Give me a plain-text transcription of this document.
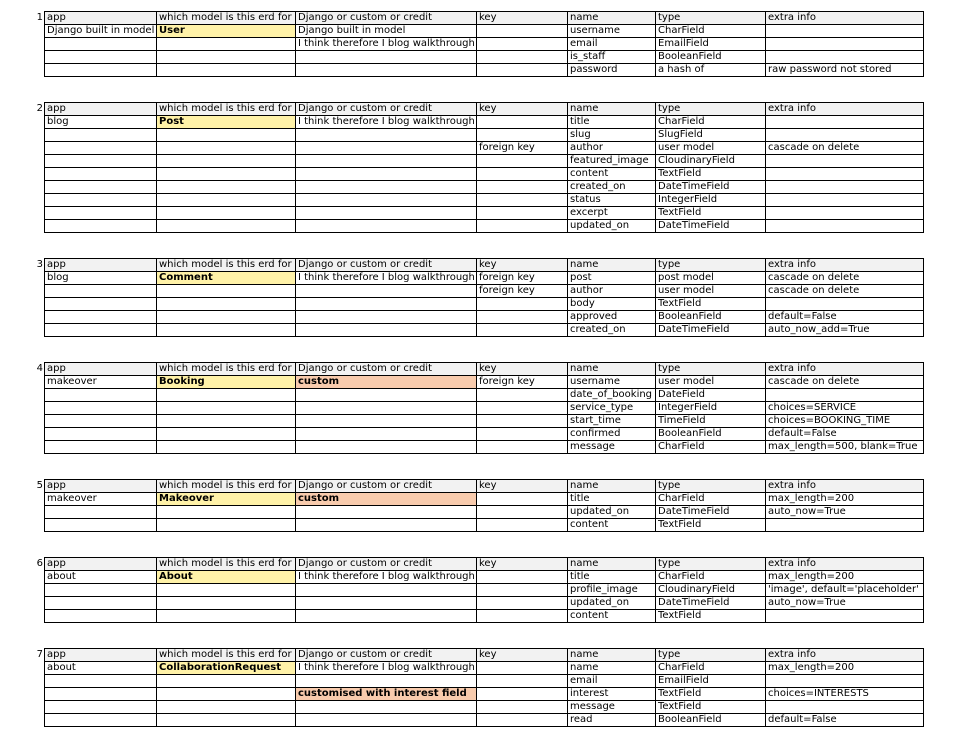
1 app	which model is this erd for	Django or custom or credit	key	name	type	extra info
Django built in model	User	Django built in model		username	CharField	
		I think therefore I blog walkthrough		email	EmailField	
				is_staff	BooleanField	
				password	a hash of	raw password not stored
2 app	which model is this erd for	Django or custom or credit	key	name	type	extra info
blog	Post	I think therefore I blog walkthrough		title	CharField	
				slug	SlugField	
			foreign key	author	user model	cascade on delete
				featured_image	CloudinaryField	
				content	TextField	
				created_on	DateTimeField	
				status	IntegerField	
				excerpt	TextField	
				updated_on	DateTimeField	
3 app	which model is this erd for	Django or custom or credit	key	name	type	extra info
blog	Comment	I think therefore I blog walkthrough	foreign key	post	post model	cascade on delete
			foreign key	author	user model	cascade on delete
				body	TextField	
				approved	BooleanField	default=False
				created_on	DateTimeField	auto_now_add=True
4 app	which model is this erd for	Django or custom or credit	key	name	type	extra info
makeover	Booking	custom	foreign key	username	user model	cascade on delete
				date_of_booking	DateField	
				service_type	IntegerField	choices=SERVICE
				start_time	TimeField	choices=BOOKING_TIME
				confirmed	BooleanField	default=False
				message	CharField	max_length=500, blank=True
5 app	which model is this erd for	Django or custom or credit	key	name	type	extra info
makeover	Makeover	custom		title	CharField	max_length=200
				updated_on	DateTimeField	auto_now=True
				content	TextField	
6 app	which model is this erd for	Django or custom or credit	key	name	type	extra info
about	About	I think therefore I blog walkthrough		title	CharField	max_length=200
				profile_image	CloudinaryField	'image', default='placeholder'
				updated_on	DateTimeField	auto_now=True
				content	TextField	
7 app	which model is this erd for	Django or custom or credit	key	name	type	extra info
about	CollaborationRequest	I think therefore I blog walkthrough		name	CharField	max_length=200
				email	EmailField	
		customised with interest field		interest	TextField	choices=INTERESTS
				message	TextField	
				read	BooleanField	default=False
